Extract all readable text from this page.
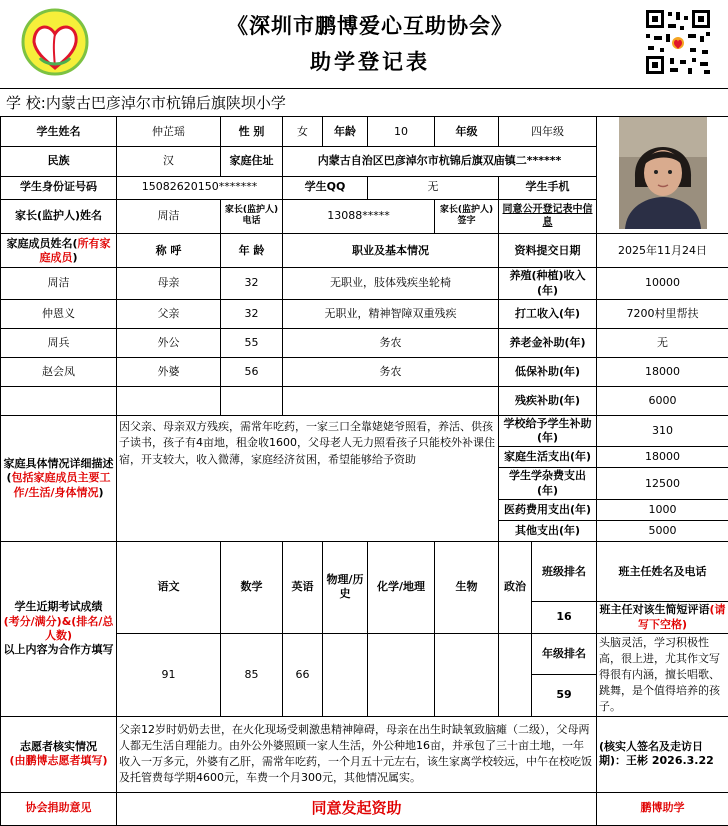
《深圳市鹏博爱心互助协会》
助学登记表
学 校:内蒙古巴彦淖尔市杭锦后旗陕坝小学
学生姓名	仲芷瑶	性 别	女	年龄	10	年级	四年级	
民族	汉	家庭住址	内蒙古自治区巴彦淖尔市杭锦后旗双庙镇二******							
学生身份证号码	15082620150*******		学生QQ		无		学生手机			
家长(监护人)姓名	周洁	家长(监护人)电话	13088*****			家长(监护人)签字	同意公开登记表中信息			
家庭成员姓名(所有家庭成员)	称 呼	年 龄	职业及基本情况				资料提交日期		2025年11月24日	
周洁	母亲	32	无职业，肢体残疾坐轮椅				养殖(种植)收入(年)		10000	
仲恩义	父亲	32	无职业，精神智障双重残疾				打工收入(年)		7200村里帮扶	
周兵	外公	55	务农				养老金补助(年)		无	
赵会凤	外婆	56	务农				低保补助(年)		18000	
							残疾补助(年)		6000	
家庭具体情况详细描述(包括家庭成员主要工作/生活/身体情况)	因父亲、母亲双方残疾，需常年吃药，一家三口全靠姥姥爷照看，养活、供孩子读书，孩子有4亩地，租金收1600，父母老人无力照看孩子只能校外补课住宿，开支较大，收入微薄，家庭经济贫困，希望能够给予资助						学校给予学生补助(年)		310	
							家庭生活支出(年)		18000	
							学生学杂费支出(年)		12500	
							医药费用支出(年)		1000	
							其他支出(年)		5000	

学生近期考试成绩
(考分/满分)&(排名/总人数)
以上内容为合作方填写	语文	数学	英语	物理/历史	化学/地理	生物	政治	班级排名	班主任姓名及电话	
								16	班主任对该生简短评语(请写下空格)	
	91	85	66					年级排名	头脑灵活，学习积极性高，很上进，尤其作文写得很有内涵，擅长唱歌、跳舞，是个值得培养的孩子。	
								59		

志愿者核实情况
(由鹏博志愿者填写)	父亲12岁时奶奶去世，在火化现场受刺激患精神障碍，母亲在出生时缺氧致脑瘫（二级），父母两人都无生活自理能力。由外公外婆照顾一家人生活，外公种地16亩，并承包了三十亩土地，一年收入一万多元，外婆有乙肝，需常年吃药，一个月五十元左右，该生家离学校较远，中午在校吃饭及托管费每学期4600元，车费一个月300元，其他情况属实。								(核实人签名及走访日期)：王彬 2026.3.22	
协会捐助意见	同意发起资助								鹏博助学	
